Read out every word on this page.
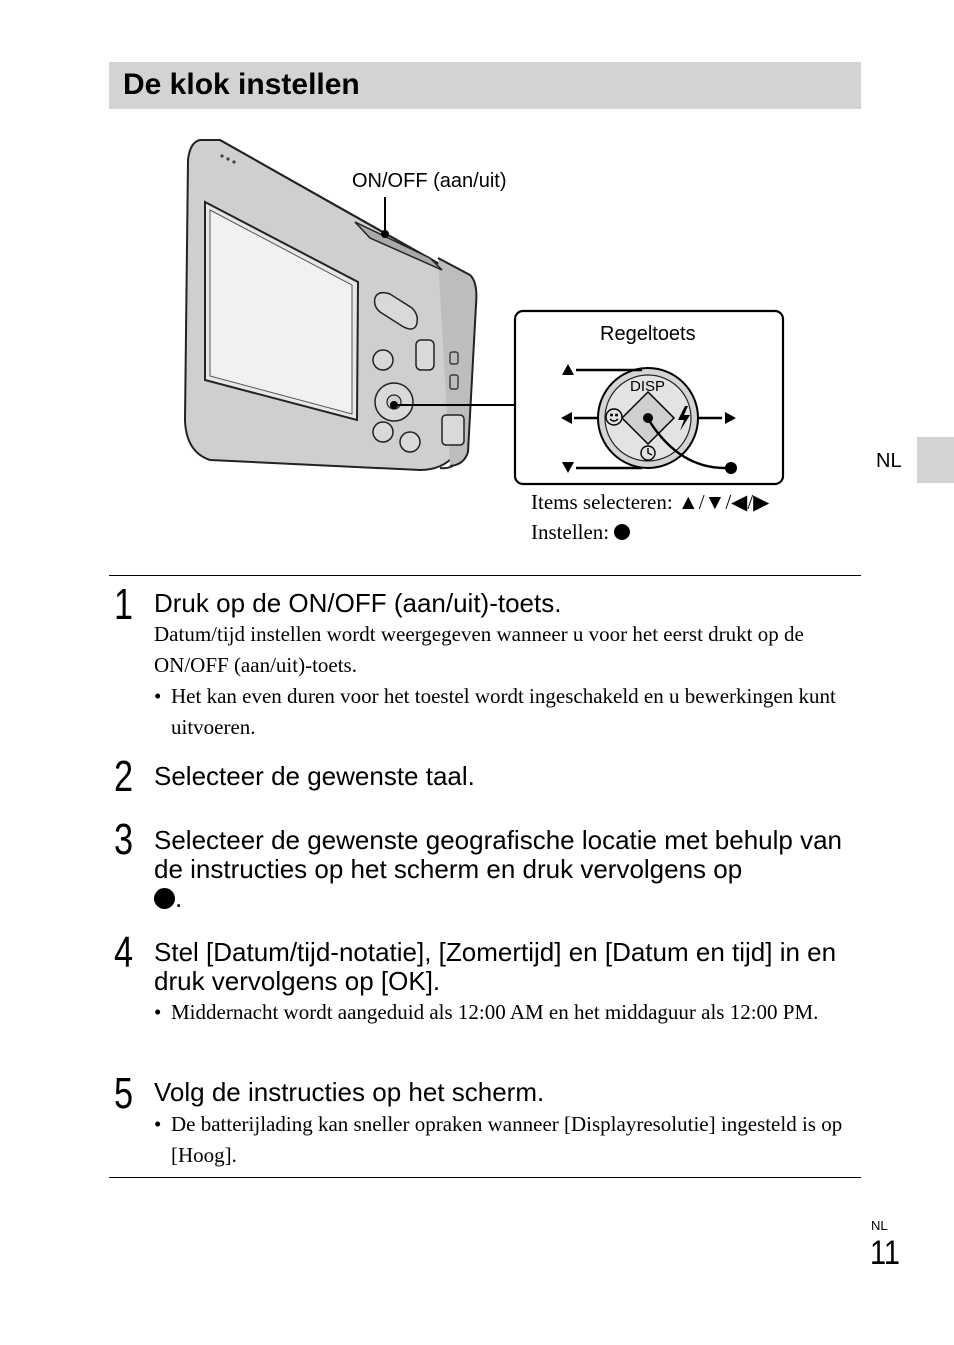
De klok instellen
NL
ON/OFF (aan/uit)
Regeltoets
DISP
Items selecteren: ▲/▼/◀/▶
Instellen:
1 Druk op de ON/OFF (aan/uit)-toets.
Datum/tijd instellen wordt weergegeven wanneer u voor het eerst drukt op de ON/OFF (aan/uit)-toets.
• Het kan even duren voor het toestel wordt ingeschakeld en u bewerkingen kunt uitvoeren.
2 Selecteer de gewenste taal.
3 Selecteer de gewenste geografische locatie met behulp van de instructies op het scherm en druk vervolgens op
.
4 Stel [Datum/tijd-notatie], [Zomertijd] en [Datum en tijd] in en druk vervolgens op [OK].
• Middernacht wordt aangeduid als 12:00 AM en het middaguur als 12:00 PM.
5 Volg de instructies op het scherm.
• De batterijlading kan sneller opraken wanneer [Displayresolutie] ingesteld is op [Hoog].
NL
11
